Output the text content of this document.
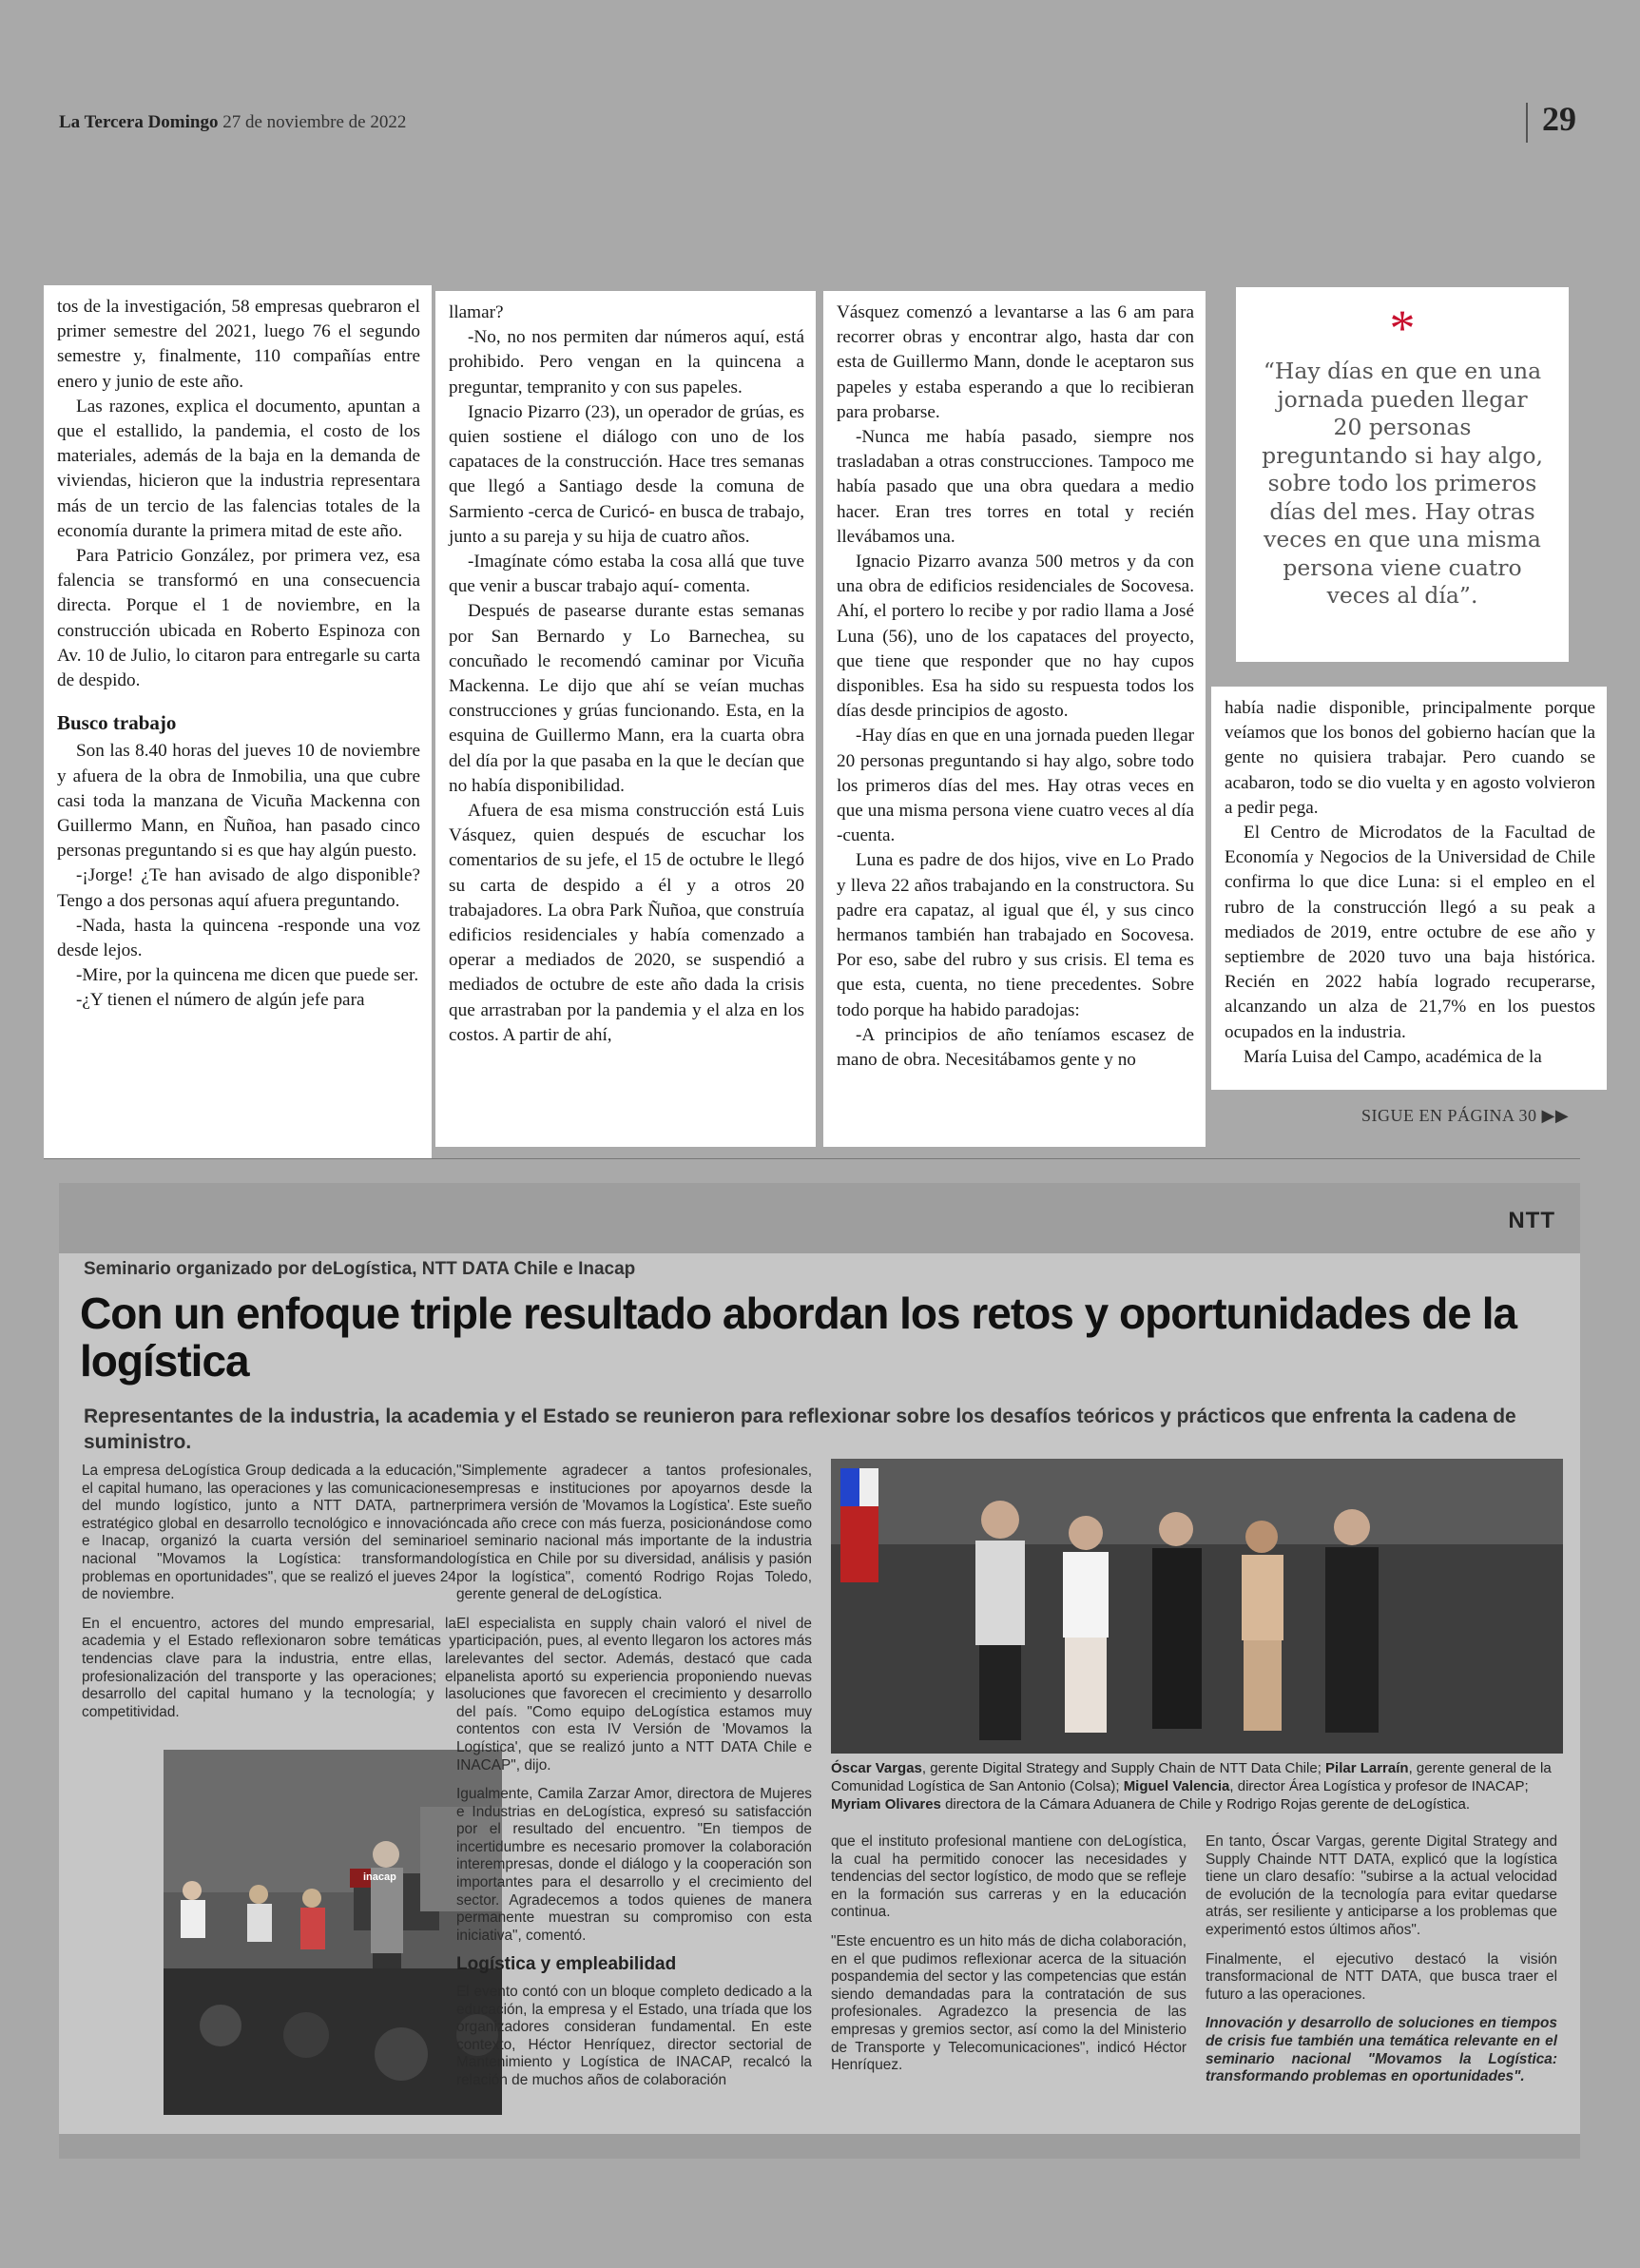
La Tercera Domingo 27 de noviembre de 2022	29

tos de la investigación, 58 empresas quebraron el primer semestre del 2021, luego 76 el segundo semestre y, finalmente, 110 compañías entre enero y junio de este año.

Las razones, explica el documento, apuntan a que el estallido, la pandemia, el costo de los materiales, además de la baja en la demanda de viviendas, hicieron que la industria representara más de un tercio de las falencias totales de la economía durante la primera mitad de este año.

Para Patricio González, por primera vez, esa falencia se transformó en una consecuencia directa. Porque el 1 de noviembre, en la construcción ubicada en Roberto Espinoza con Av. 10 de Julio, lo citaron para entregarle su carta de despido.

Busco trabajo

Son las 8.40 horas del jueves 10 de noviembre y afuera de la obra de Inmobilia, una que cubre casi toda la manzana de Vicuña Mackenna con Guillermo Mann, en Ñuñoa, han pasado cinco personas preguntando si es que hay algún puesto.

-¡Jorge! ¿Te han avisado de algo disponible? Tengo a dos personas aquí afuera preguntando.

-Nada, hasta la quincena -responde una voz desde lejos.

-Mire, por la quincena me dicen que puede ser.

-¿Y tienen el número de algún jefe para

llamar?

-No, no nos permiten dar números aquí, está prohibido. Pero vengan en la quincena a preguntar, tempranito y con sus papeles.

Ignacio Pizarro (23), un operador de grúas, es quien sostiene el diálogo con uno de los capataces de la construcción. Hace tres semanas que llegó a Santiago desde la comuna de Sarmiento -cerca de Curicó- en busca de trabajo, junto a su pareja y su hija de cuatro años.

-Imagínate cómo estaba la cosa allá que tuve que venir a buscar trabajo aquí- comenta.

Después de pasearse durante estas semanas por San Bernardo y Lo Barnechea, su concuñado le recomendó caminar por Vicuña Mackenna. Le dijo que ahí se veían muchas construcciones y grúas funcionando. Esta, en la esquina de Guillermo Mann, era la cuarta obra del día por la que pasaba en la que le decían que no había disponibilidad.

Afuera de esa misma construcción está Luis Vásquez, quien después de escuchar los comentarios de su jefe, el 15 de octubre le llegó su carta de despido a él y a otros 20 trabajadores. La obra Park Ñuñoa, que construía edificios residenciales y había comenzado a operar a mediados de 2020, se suspendió a mediados de octubre de este año dada la crisis que arrastraban por la pandemia y el alza en los costos. A partir de ahí,

Vásquez comenzó a levantarse a las 6 am para recorrer obras y encontrar algo, hasta dar con esta de Guillermo Mann, donde le aceptaron sus papeles y estaba esperando a que lo recibieran para probarse.

-Nunca me había pasado, siempre nos trasladaban a otras construcciones. Tampoco me había pasado que una obra quedara a medio hacer. Eran tres torres en total y recién llevábamos una.

Ignacio Pizarro avanza 500 metros y da con una obra de edificios residenciales de Socovesa. Ahí, el portero lo recibe y por radio llama a José Luna (56), uno de los capataces del proyecto, que tiene que responder que no hay cupos disponibles. Esa ha sido su respuesta todos los días desde principios de agosto.

-Hay días en que en una jornada pueden llegar 20 personas preguntando si hay algo, sobre todo los primeros días del mes. Hay otras veces en que una misma persona viene cuatro veces al día -cuenta.

Luna es padre de dos hijos, vive en Lo Prado y lleva 22 años trabajando en la constructora. Su padre era capataz, al igual que él, y sus cinco hermanos también han trabajado en Socovesa. Por eso, sabe del rubro y sus crisis. El tema es que esta, cuenta, no tiene precedentes. Sobre todo porque ha habido paradojas:

-A principios de año teníamos escasez de mano de obra. Necesitábamos gente y no

*
“Hay días en que en una jornada pueden llegar 20 personas preguntando si hay algo, sobre todo los primeros días del mes. Hay otras veces en que una misma persona viene cuatro veces al día”.

había nadie disponible, principalmente porque veíamos que los bonos del gobierno hacían que la gente no quisiera trabajar. Pero cuando se acabaron, todo se dio vuelta y en agosto volvieron a pedir pega.

El Centro de Microdatos de la Facultad de Economía y Negocios de la Universidad de Chile confirma lo que dice Luna: si el empleo en el rubro de la construcción llegó a su peak a mediados de 2019, entre octubre de ese año y septiembre de 2020 tuvo una baja histórica. Recién en 2022 había logrado recuperarse, alcanzando un alza de 21,7% en los puestos ocupados en la industria.

María Luisa del Campo, académica de la

SIGUE EN PÁGINA 30 ▶▶
NTT
Seminario organizado por deLogística, NTT DATA Chile e Inacap
Con un enfoque triple resultado abordan los retos y oportunidades de la logística
Representantes de la industria, la academia y el Estado se reunieron para reflexionar sobre los desafíos teóricos y prácticos que enfrenta la cadena de suministro.

La empresa deLogística Group dedicada a la educación, el capital humano, las operaciones y las comunicaciones del mundo logístico, junto a NTT DATA, partner estratégico global en desarrollo tecnológico e innovación e Inacap, organizó la cuarta versión del seminario nacional "Movamos la Logística: transformando problemas en oportunidades", que se realizó el jueves 24 de noviembre.

En el encuentro, actores del mundo empresarial, la academia y el Estado reflexionaron sobre temáticas y tendencias clave para la industria, entre ellas, la profesionalización del transporte y las operaciones; el desarrollo del capital humano y la tecnología; y la competitividad.

inacap

"Simplemente agradecer a tantos profesionales, empresas e instituciones por apoyarnos desde la primera versión de 'Movamos la Logística'. Este sueño cada año crece con más fuerza, posicionándose como el seminario nacional más importante de la industria logística en Chile por su diversidad, análisis y pasión por la logística", comentó Rodrigo Rojas Toledo, gerente general de deLogística.

El especialista en supply chain valoró el nivel de participación, pues, al evento llegaron los actores más relevantes del sector. Además, destacó que cada panelista aportó su experiencia proponiendo nuevas soluciones que favorecen el crecimiento y desarrollo del país. "Como equipo deLogística estamos muy contentos con esta IV Versión de 'Movamos la Logística', que se realizó junto a NTT DATA Chile e INACAP", dijo.

Igualmente, Camila Zarzar Amor, directora de Mujeres e Industrias en deLogística, expresó su satisfacción por el resultado del encuentro. "En tiempos de incertidumbre es necesario promover la colaboración interempresas, donde el diálogo y la cooperación son importantes para el desarrollo y el crecimiento del sector. Agradecemos a todos quienes de manera permanente muestran su compromiso con esta iniciativa", comentó.

Logística y empleabilidad

El evento contó con un bloque completo dedicado a la educación, la empresa y el Estado, una tríada que los organizadores consideran fundamental. En este contexto, Héctor Henríquez, director sectorial de Mantenimiento y Logística de INACAP, recalcó la relación de muchos años de colaboración

Óscar Vargas, gerente Digital Strategy and Supply Chain de NTT Data Chile; Pilar Larraín, gerente general de la Comunidad Logística de San Antonio (Colsa); Miguel Valencia, director Área Logística y profesor de INACAP; Myriam Olivares directora de la Cámara Aduanera de Chile y Rodrigo Rojas gerente de deLogística.

que el instituto profesional mantiene con deLogística, la cual ha permitido conocer las necesidades y tendencias del sector logístico, de modo que se refleje en la formación sus carreras y en la educación continua.

"Este encuentro es un hito más de dicha colaboración, en el que pudimos reflexionar acerca de la situación pospandemia del sector y las competencias que están siendo demandadas para la contratación de sus profesionales. Agradezco la presencia de las empresas y gremios sector, así como la del Ministerio de Transporte y Telecomunicaciones", indicó Héctor Henríquez.

En tanto, Óscar Vargas, gerente Digital Strategy and Supply Chainde NTT DATA, explicó que la logística tiene un claro desafío: "subirse a la actual velocidad de evolución de la tecnología para evitar quedarse atrás, ser resiliente y anticiparse a los problemas que experimentó estos últimos años".

Finalmente, el ejecutivo destacó la visión transformacional de NTT DATA, que busca traer el futuro a las operaciones.

Innovación y desarrollo de soluciones en tiempos de crisis fue también una temática relevante en el seminario nacional "Movamos la Logística: transformando problemas en oportunidades".
